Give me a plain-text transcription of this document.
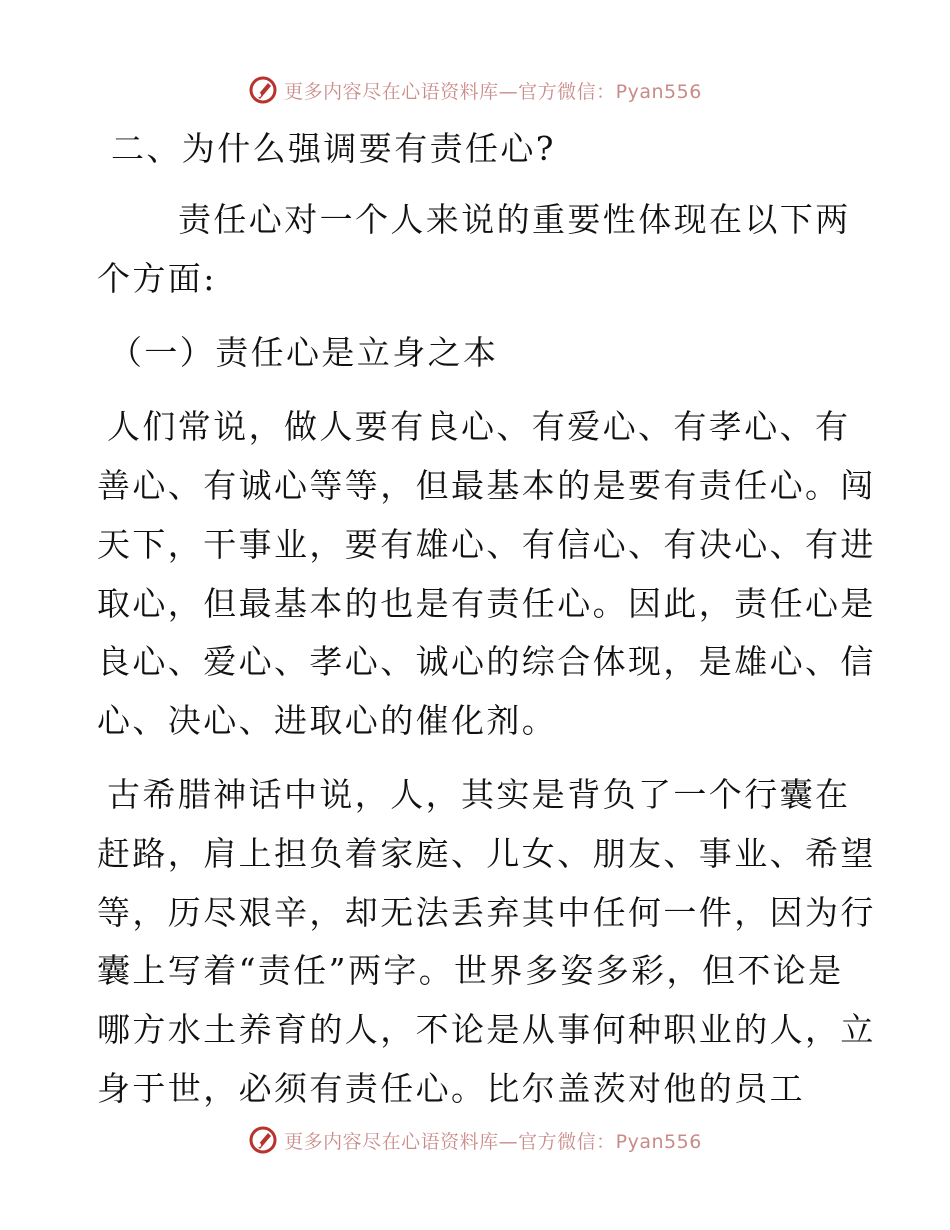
更多内容尽在心语资料库—官方微信：Pyan556
二、为什么强调要有责任心?
责任心对一个人来说的重要性体现在以下两
个方面:
（一）责任心是立身之本
人们常说，做人要有良心、有爱心、有孝心、有
善心、有诚心等等，但最基本的是要有责任心。闯
天下，干事业，要有雄心、有信心、有决心、有进
取心，但最基本的也是有责任心。因此，责任心是
良心、爱心、孝心、诚心的综合体现，是雄心、信
心、决心、进取心的催化剂。
古希腊神话中说，人，其实是背负了一个行囊在
赶路，肩上担负着家庭、儿女、朋友、事业、希望
等，历尽艰辛，却无法丢弃其中任何一件，因为行
囊上写着“责任”两字。世界多姿多彩，但不论是
哪方水土养育的人，不论是从事何种职业的人，立
身于世，必须有责任心。比尔盖茨对他的员工
更多内容尽在心语资料库—官方微信：Pyan556
